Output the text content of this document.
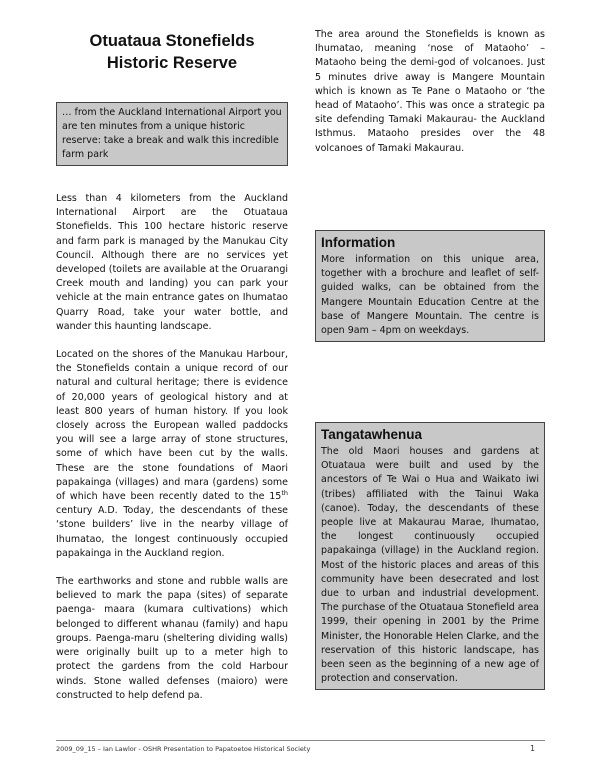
Otuataua Stonefields
Historic Reserve
… from the Auckland International Airport you are ten minutes from a unique historic reserve: take a break and walk this incredible farm park

Less than 4 kilometers from the Auckland International Airport are the Otuataua Stonefields. This 100 hectare historic reserve and farm park is managed by the Manukau City Council. Although there are no services yet developed (toilets are available at the Oruarangi Creek mouth and landing) you can park your vehicle at the main entrance gates on Ihumatao Quarry Road, take your water bottle, and wander this haunting landscape.

Located on the shores of the Manukau Harbour, the Stonefields contain a unique record of our natural and cultural heritage; there is evidence of 20,000 years of geological history and at least 800 years of human history. If you look closely across the European walled paddocks you will see a large array of stone structures, some of which have been cut by the walls. These are the stone foundations of Maori papakainga (villages) and mara (gardens) some of which have been recently dated to the 15th century A.D. Today, the descendants of these ‘stone builders’ live in the nearby village of Ihumatao, the longest continuously occupied papakainga in the Auckland region.

The earthworks and stone and rubble walls are believed to mark the papa (sites) of separate paenga- maara (kumara cultivations) which belonged to different whanau (family) and hapu groups. Paenga-maru (sheltering dividing walls) were originally built up to a meter high to protect the gardens from the cold Harbour winds. Stone walled defenses (maioro) were constructed to help defend pa.

The area around the Stonefields is known as Ihumatao, meaning ‘nose of Mataoho’ – Mataoho being the demi-god of volcanoes. Just 5 minutes drive away is Mangere Mountain which is known as Te Pane o Mataoho or ‘the head of Mataoho’. This was once a strategic pa site defending Tamaki Makaurau- the Auckland Isthmus. Mataoho presides over the 48 volcanoes of Tamaki Makaurau.

Information

More information on this unique area, together with a brochure and leaflet of self-guided walks, can be obtained from the Mangere Mountain Education Centre at the base of Mangere Mountain. The centre is open 9am – 4pm on weekdays.

Tangatawhenua

The old Maori houses and gardens at Otuataua were built and used by the ancestors of Te Wai o Hua and Waikato iwi (tribes) affiliated with the Tainui Waka (canoe). Today, the descendants of these people live at Makaurau Marae, Ihumatao, the longest continuously occupied papakainga (village) in the Auckland region. Most of the historic places and areas of this community have been desecrated and lost due to urban and industrial development. The purchase of the Otuataua Stonefield area 1999, their opening in 2001 by the Prime Minister, the Honorable Helen Clarke, and the reservation of this historic landscape, has been seen as the beginning of a new age of protection and conservation.

2009_09_15 – Ian Lawlor - OSHR Presentation to Papatoetoe Historical Society	1
